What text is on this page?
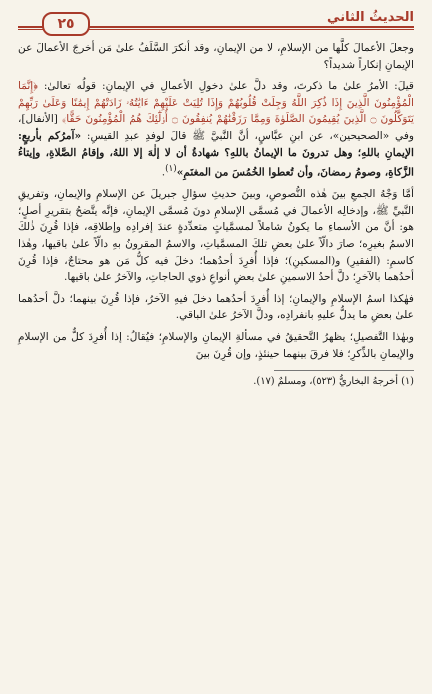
٢٥	الحديثُ الثاني

وجعلَ الأعمالَ كلَّها من الإسلامِ، لا من الإيمانِ، وقد أنكرَ السَّلَفُ علىٰ مَن أخرجَ الأعمالَ عن الإيمانِ إنكاراً شديداً؟

قيلَ: الأمرُ علىٰ ما ذكرتَ، وقد دلَّ علىٰ دخولِ الأعمالِ في الإيمانِ: قولُه تعالىٰ: ﴿إِنَّمَا الْمُؤْمِنُونَ الَّذِينَ إِذَا ذُكِرَ اللَّهُ وَجِلَتْ قُلُوبُهُمْ وَإِذَا تُلِيَتْ عَلَيْهِمْ ءَايَٰتُهُۥ زَادَتْهُمْ إِيمَٰنًا وَعَلَىٰ رَبِّهِمْ يَتَوَكَّلُونَ ۝ الَّذِينَ يُقِيمُونَ الصَّلَوٰةَ وَمِمَّا رَزَقْنَٰهُمْ يُنفِقُونَ ۝ أُو۟لَٰٓئِكَ هُمُ الْمُؤْمِنُونَ حَقًّا﴾ [الأنفال]، وفي «الصحيحين»، عن ابنِ عبَّاسٍ، أنَّ النَّبيَّ ﷺ قالَ لوفدِ عبدِ القيسِ: «آمرُكم بأربعٍ: الإيمانِ باللهِ؛ وهل تدرونَ ما الإيمانُ باللهِ؟ شهادةُ أن لا إلٰهَ إلا اللهُ، وإقامُ الصَّلاةِ، وإيتاءُ الزَّكاةِ، وصومُ رمضانَ، وأن تُعطوا الخُمُسَ من المغنَمِ»$^{(١)}$.

أمَّا وَجْهُ الجمعِ بينَ هٰذه النُّصوصِ، وبينَ حديثِ سؤالِ جبريلَ عن الإسلامِ والإيمانِ، وتفريقِ النَّبيِّ ﷺ، وإدخالِه الأعمالَ في مُسمَّى الإسلامِ دونَ مُسمَّى الإيمانِ، فإنَّه يتَّضحُ بتقريرِ أصلٍ؛ هو: أنَّ من الأسماءِ ما يكونُ شاملاً لمسمَّياتٍ متعدِّدةٍ عندَ إفرادِه وإطلاقِه، فإذا قُرِنَ ذٰلكَ الاسمُ بغيرِه؛ صارَ دالّاً علىٰ بعضِ تلكَ المسمَّياتِ، والاسمُ المقرونُ بهِ دالّاً علىٰ باقيها، وهٰذا كاسمِ: (الفقيرِ) و(المسكينِ)؛ فإذا أُفرِدَ أحدُهما؛ دخلَ فيه كلُّ مَن هو محتاجٌ، فإذا قُرِنَ أحدُهما بالآخرِ؛ دلَّ أحدُ الاسمينِ علىٰ بعضِ أنواعِ ذوي الحاجاتِ، والآخرُ علىٰ باقيها.

فهٰكذا اسمُ الإسلامِ والإيمانِ؛ إذا أُفرِدَ أحدُهما دخلَ فيهِ الآخرُ، فإذا قُرِنَ بينهما؛ دلَّ أحدُهما علىٰ بعضِ ما يدلُّ عليهِ بانفرادِه، ودلَّ الآخرُ علىٰ الباقي.

وبهٰذا التَّفصيلِ؛ يظهرُ التَّحقيقُ في مسألةِ الإيمانِ والإسلامِ؛ فيُقالُ: إذا أُفرِدَ كلٌّ من الإسلامِ والإيمانِ بالذِّكرِ؛ فلا فرقَ بينهما حينئذٍ، وإن قُرِنَ بينَ

(١) أخرجهُ البخاريُّ (٥٢٣)، ومسلمٌ (١٧).
